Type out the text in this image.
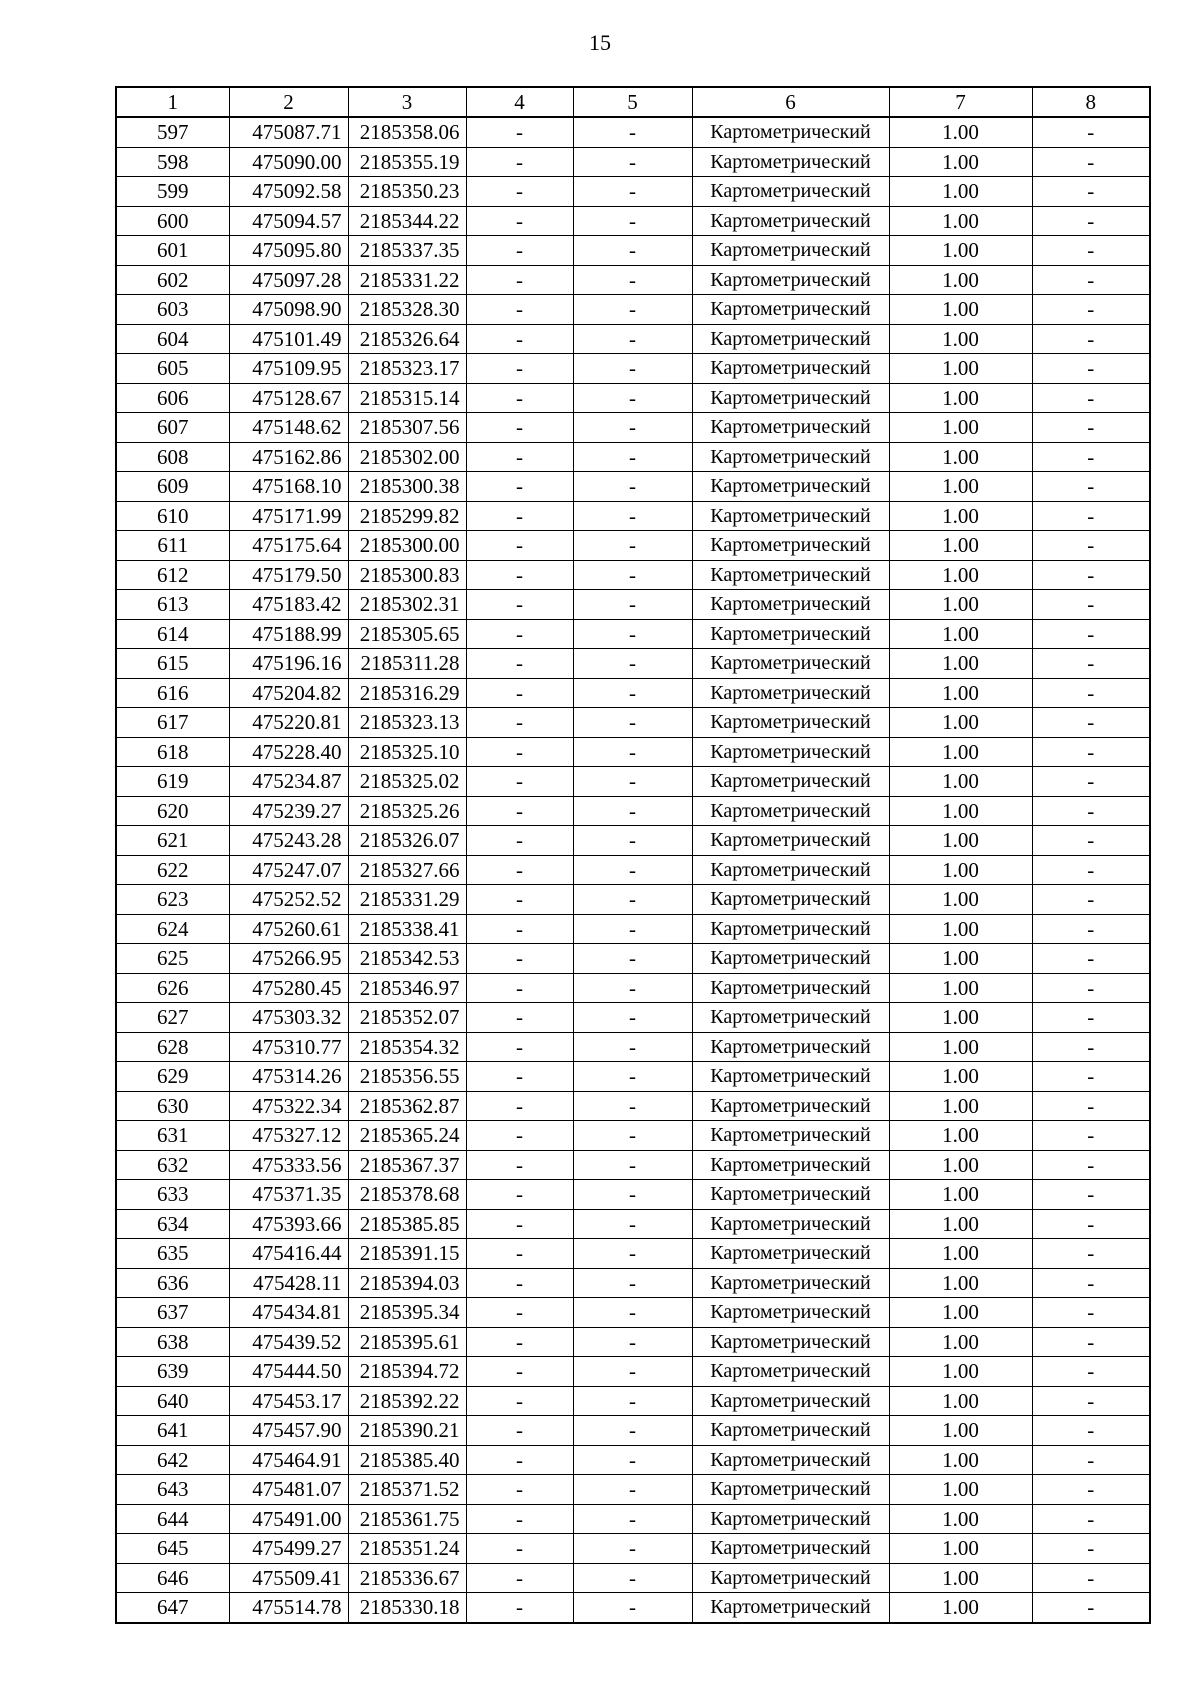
15
1	2	3	4	5	6	7	8
597	475087.71	2185358.06	-	-	Картометрический	1.00	-
598	475090.00	2185355.19	-	-	Картометрический	1.00	-
599	475092.58	2185350.23	-	-	Картометрический	1.00	-
600	475094.57	2185344.22	-	-	Картометрический	1.00	-
601	475095.80	2185337.35	-	-	Картометрический	1.00	-
602	475097.28	2185331.22	-	-	Картометрический	1.00	-
603	475098.90	2185328.30	-	-	Картометрический	1.00	-
604	475101.49	2185326.64	-	-	Картометрический	1.00	-
605	475109.95	2185323.17	-	-	Картометрический	1.00	-
606	475128.67	2185315.14	-	-	Картометрический	1.00	-
607	475148.62	2185307.56	-	-	Картометрический	1.00	-
608	475162.86	2185302.00	-	-	Картометрический	1.00	-
609	475168.10	2185300.38	-	-	Картометрический	1.00	-
610	475171.99	2185299.82	-	-	Картометрический	1.00	-
611	475175.64	2185300.00	-	-	Картометрический	1.00	-
612	475179.50	2185300.83	-	-	Картометрический	1.00	-
613	475183.42	2185302.31	-	-	Картометрический	1.00	-
614	475188.99	2185305.65	-	-	Картометрический	1.00	-
615	475196.16	2185311.28	-	-	Картометрический	1.00	-
616	475204.82	2185316.29	-	-	Картометрический	1.00	-
617	475220.81	2185323.13	-	-	Картометрический	1.00	-
618	475228.40	2185325.10	-	-	Картометрический	1.00	-
619	475234.87	2185325.02	-	-	Картометрический	1.00	-
620	475239.27	2185325.26	-	-	Картометрический	1.00	-
621	475243.28	2185326.07	-	-	Картометрический	1.00	-
622	475247.07	2185327.66	-	-	Картометрический	1.00	-
623	475252.52	2185331.29	-	-	Картометрический	1.00	-
624	475260.61	2185338.41	-	-	Картометрический	1.00	-
625	475266.95	2185342.53	-	-	Картометрический	1.00	-
626	475280.45	2185346.97	-	-	Картометрический	1.00	-
627	475303.32	2185352.07	-	-	Картометрический	1.00	-
628	475310.77	2185354.32	-	-	Картометрический	1.00	-
629	475314.26	2185356.55	-	-	Картометрический	1.00	-
630	475322.34	2185362.87	-	-	Картометрический	1.00	-
631	475327.12	2185365.24	-	-	Картометрический	1.00	-
632	475333.56	2185367.37	-	-	Картометрический	1.00	-
633	475371.35	2185378.68	-	-	Картометрический	1.00	-
634	475393.66	2185385.85	-	-	Картометрический	1.00	-
635	475416.44	2185391.15	-	-	Картометрический	1.00	-
636	475428.11	2185394.03	-	-	Картометрический	1.00	-
637	475434.81	2185395.34	-	-	Картометрический	1.00	-
638	475439.52	2185395.61	-	-	Картометрический	1.00	-
639	475444.50	2185394.72	-	-	Картометрический	1.00	-
640	475453.17	2185392.22	-	-	Картометрический	1.00	-
641	475457.90	2185390.21	-	-	Картометрический	1.00	-
642	475464.91	2185385.40	-	-	Картометрический	1.00	-
643	475481.07	2185371.52	-	-	Картометрический	1.00	-
644	475491.00	2185361.75	-	-	Картометрический	1.00	-
645	475499.27	2185351.24	-	-	Картометрический	1.00	-
646	475509.41	2185336.67	-	-	Картометрический	1.00	-
647	475514.78	2185330.18	-	-	Картометрический	1.00	-
